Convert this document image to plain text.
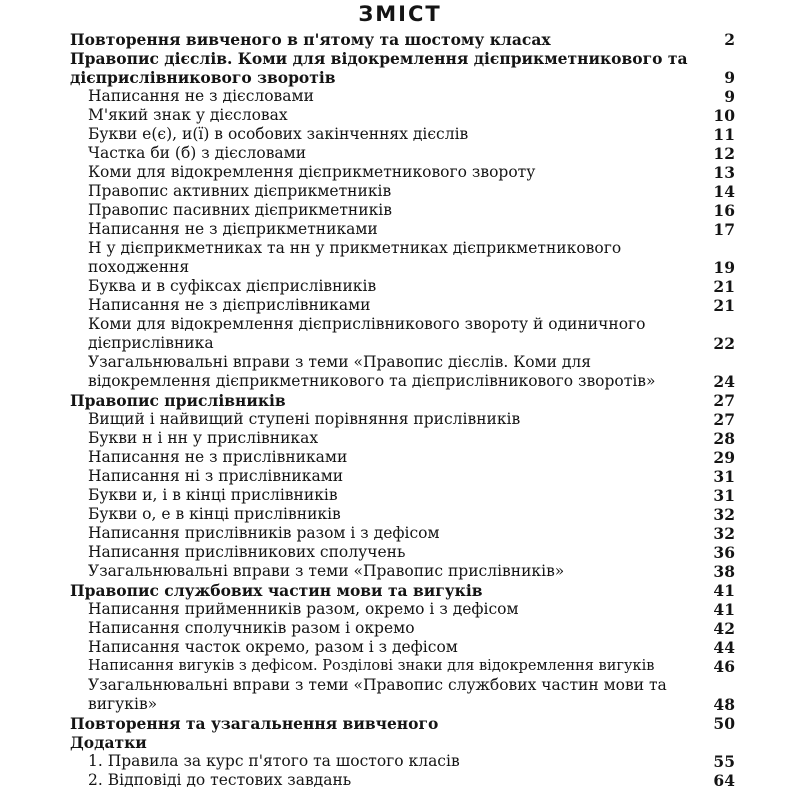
ЗМІСТ
Повторення вивченого в п'ятому та шостому класах	2
Правопис дієслів. Коми для відокремлення дієприкметникового та
дієприслівникового зворотів	9
Написання не з дієсловами	9
М'який знак у дієсловах	10
Букви е(є), и(ї) в особових закінченнях дієслів	11
Частка би (б) з дієсловами	12
Коми для відокремлення дієприкметникового звороту	13
Правопис активних дієприкметників	14
Правопис пасивних дієприкметників	16
Написання не з дієприкметниками	17
Н у дієприкметниках та нн у прикметниках дієприкметникового
походження	19
Буква и в суфіксах дієприслівників	21
Написання не з дієприслівниками	21
Коми для відокремлення дієприслівникового звороту й одиничного
дієприслівника	22
Узагальнювальні вправи з теми «Правопис дієслів. Коми для
відокремлення дієприкметникового та дієприслівникового зворотів»	24
Правопис прислівників	27
Вищий і найвищий ступені порівняння прислівників	27
Букви н і нн у прислівниках	28
Написання не з прислівниками	29
Написання ні з прислівниками	31
Букви и, і в кінці прислівників	31
Букви о, е в кінці прислівників	32
Написання прислівників разом і з дефісом	32
Написання прислівникових сполучень	36
Узагальнювальні вправи з теми «Правопис прислівників»	38
Правопис службових частин мови та вигуків	41
Написання прийменників разом, окремо і з дефісом	41
Написання сполучників разом і окремо	42
Написання часток окремо, разом і з дефісом	44
Написання вигуків з дефісом. Розділові знаки для відокремлення вигуків	46
Узагальнювальні вправи з теми «Правопис службових частин мови та
вигуків»	48
Повторення та узагальнення вивченого	50
Додатки
1. Правила за курс п'ятого та шостого класів	55
2. Відповіді до тестових завдань	64
